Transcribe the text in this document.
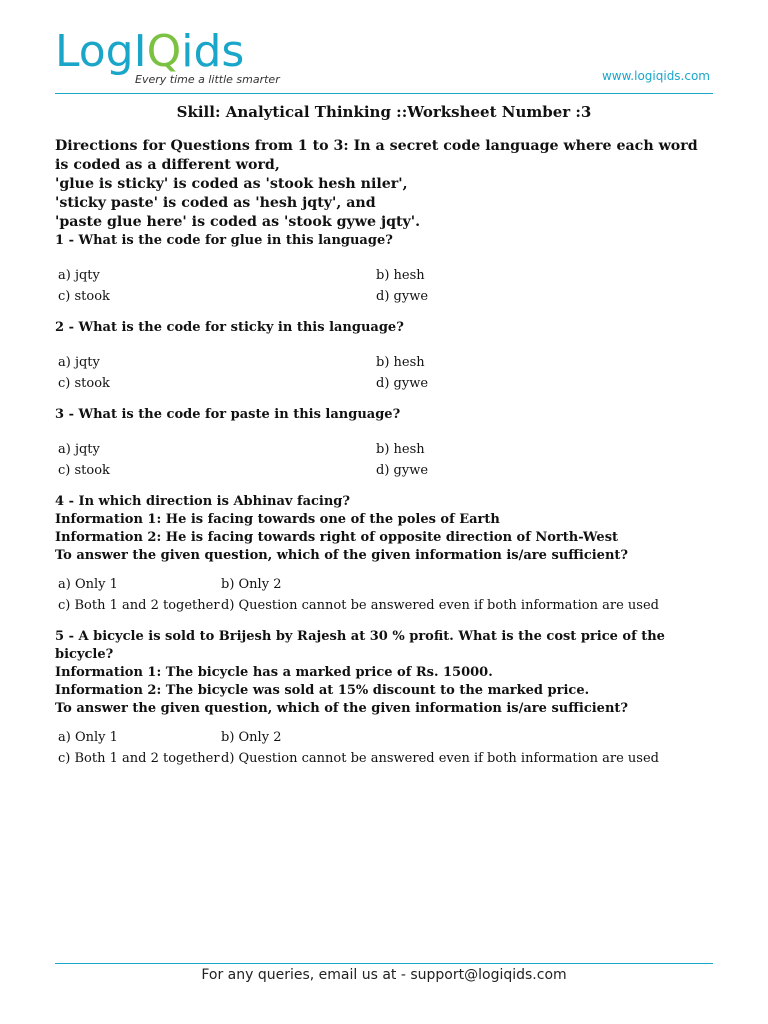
LogIQids
Every time a little smarter	www.logiqids.com
Skill: Analytical Thinking ::Worksheet Number :3
Directions for Questions from 1 to 3: In a secret code language where each word is coded as a different word,
'glue is sticky' is coded as 'stook hesh niler',
'sticky paste' is coded as 'hesh jqty', and
'paste glue here' is coded as 'stook gywe jqty'.
1 - What is the code for glue in this language?
a) jqty	b) hesh
c) stook	d) gywe
2 - What is the code for sticky in this language?
a) jqty	b) hesh
c) stook	d) gywe
3 - What is the code for paste in this language?
a) jqty	b) hesh
c) stook	d) gywe
4 - In which direction is Abhinav facing?
Information 1: He is facing towards one of the poles of Earth
Information 2: He is facing towards right of opposite direction of North-West
To answer the given question, which of the given information is/are sufficient?
a) Only 1	b) Only 2
c) Both 1 and 2 together d) Question cannot be answered even if both information are used
5 - A bicycle is sold to Brijesh by Rajesh at 30 % profit. What is the cost price of the bicycle?
Information 1: The bicycle has a marked price of Rs. 15000.
Information 2: The bicycle was sold at 15% discount to the marked price.
To answer the given question, which of the given information is/are sufficient?
a) Only 1	b) Only 2
c) Both 1 and 2 together d) Question cannot be answered even if both information are used
For any queries, email us at - support@logiqids.com
